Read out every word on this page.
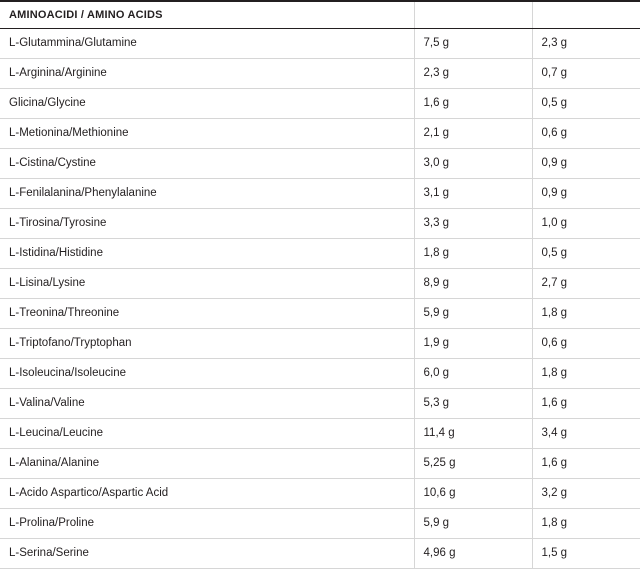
AMINOACIDI / AMINO ACIDS		
L-Glutammina/Glutamine	7,5 g	2,3 g
L-Arginina/Arginine	2,3 g	0,7 g
Glicina/Glycine	1,6 g	0,5 g
L-Metionina/Methionine	2,1 g	0,6 g
L-Cistina/Cystine	3,0 g	0,9 g
L-Fenilalanina/Phenylalanine	3,1 g	0,9 g
L-Tirosina/Tyrosine	3,3 g	1,0 g
L-Istidina/Histidine	1,8 g	0,5 g
L-Lisina/Lysine	8,9 g	2,7 g
L-Treonina/Threonine	5,9 g	1,8 g
L-Triptofano/Tryptophan	1,9 g	0,6 g
L-Isoleucina/Isoleucine	6,0 g	1,8 g
L-Valina/Valine	5,3 g	1,6 g
L-Leucina/Leucine	11,4 g	3,4 g
L-Alanina/Alanine	5,25 g	1,6 g
L-Acido Aspartico/Aspartic Acid	10,6 g	3,2 g
L-Prolina/Proline	5,9 g	1,8 g
L-Serina/Serine	4,96 g	1,5 g
